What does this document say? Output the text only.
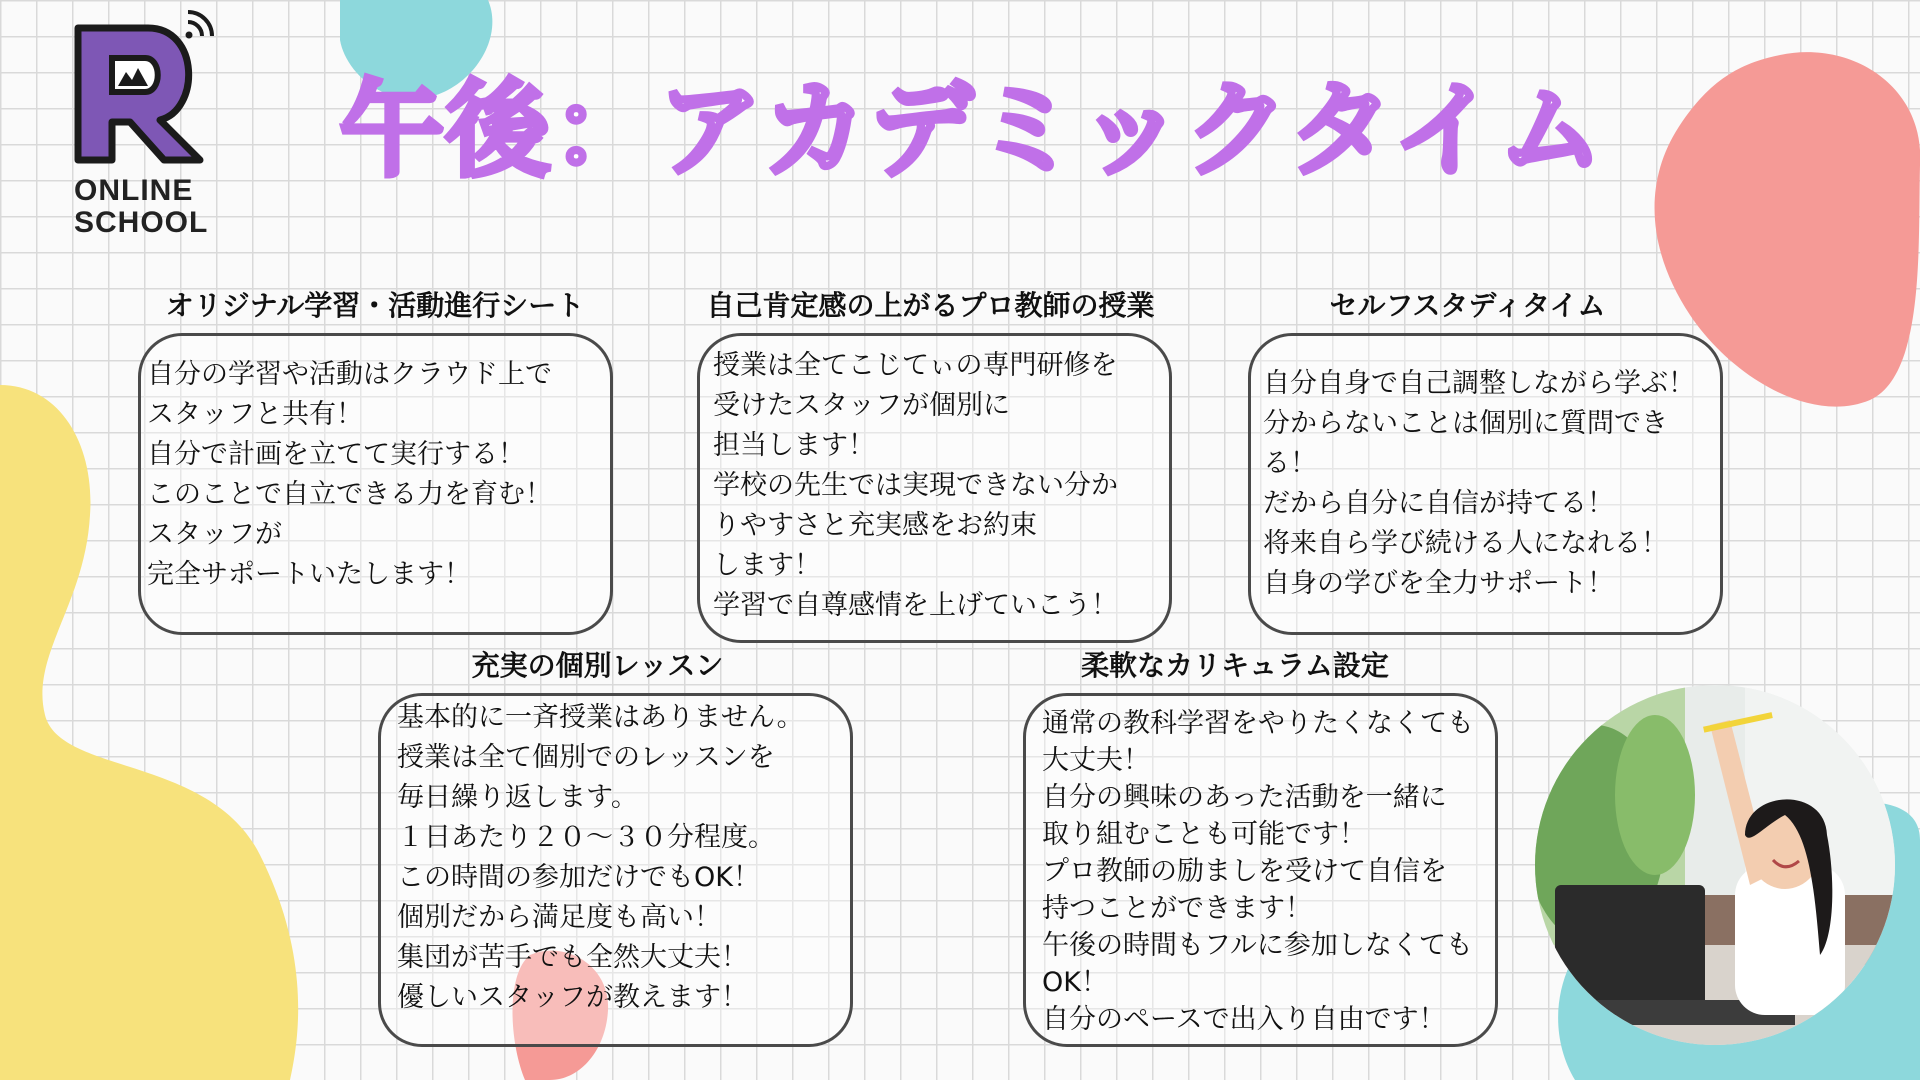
ONLINE
SCHOOL
午後：アカデミックタイム
オリジナル学習・活動進行シート
自分の学習や活動はクラウド上で
スタッフと共有！
自分で計画を立てて実行する！
このことで自立できる力を育む！
スタッフが
完全サポートいたします！
自己肯定感の上がるプロ教師の授業
授業は全てこじてぃの専門研修を
受けたスタッフが個別に
担当します！
学校の先生では実現できない分か
りやすさと充実感をお約束
します！
学習で自尊感情を上げていこう！
セルフスタディタイム
自分自身で自己調整しながら学ぶ！
分からないことは個別に質問でき
る！
だから自分に自信が持てる！
将来自ら学び続ける人になれる！
自身の学びを全力サポート！
充実の個別レッスン
基本的に一斉授業はありません。
授業は全て個別でのレッスンを
毎日繰り返します。
１日あたり２０～３０分程度。
この時間の参加だけでもOK！
個別だから満足度も高い！
集団が苦手でも全然大丈夫！
優しいスタッフが教えます！
柔軟なカリキュラム設定
通常の教科学習をやりたくなくても
大丈夫！
自分の興味のあった活動を一緒に
取り組むことも可能です！
プロ教師の励ましを受けて自信を
持つことができます！
午後の時間もフルに参加しなくても
OK！
自分のペースで出入り自由です！
